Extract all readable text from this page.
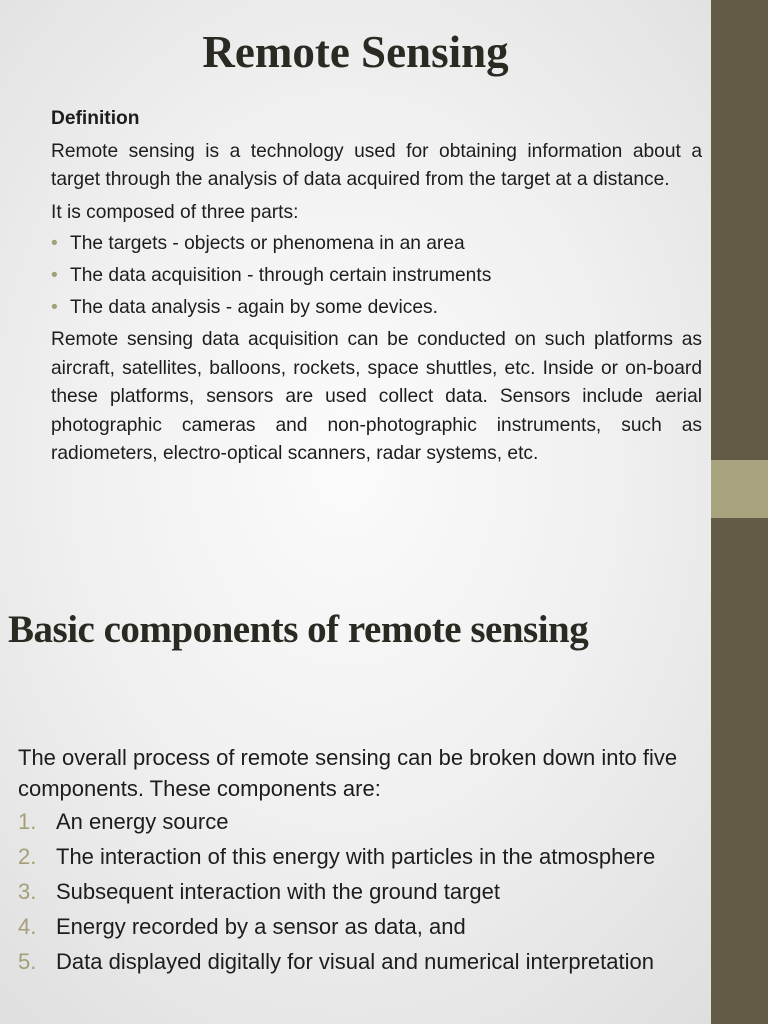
Remote Sensing

Definition

Remote sensing is a technology used for obtaining information about a target through the analysis of data acquired from the target at a distance.

It is composed of three parts:

• The targets - objects or phenomena in an area
• The data acquisition - through certain instruments
• The data analysis - again by some devices.

Remote sensing data acquisition can be conducted on such platforms as aircraft, satellites, balloons, rockets, space shuttles, etc. Inside or on-board these platforms, sensors are used collect data. Sensors include aerial photographic cameras and non-photographic instruments, such as radiometers, electro-optical scanners, radar systems, etc.

Basic components of remote sensing

The overall process of remote sensing can be broken down into five components. These components are:

1. An energy source
2. The interaction of this energy with particles in the atmosphere
3. Subsequent interaction with the ground target
4. Energy recorded by a sensor as data, and
5. Data displayed digitally for visual and numerical interpretation
